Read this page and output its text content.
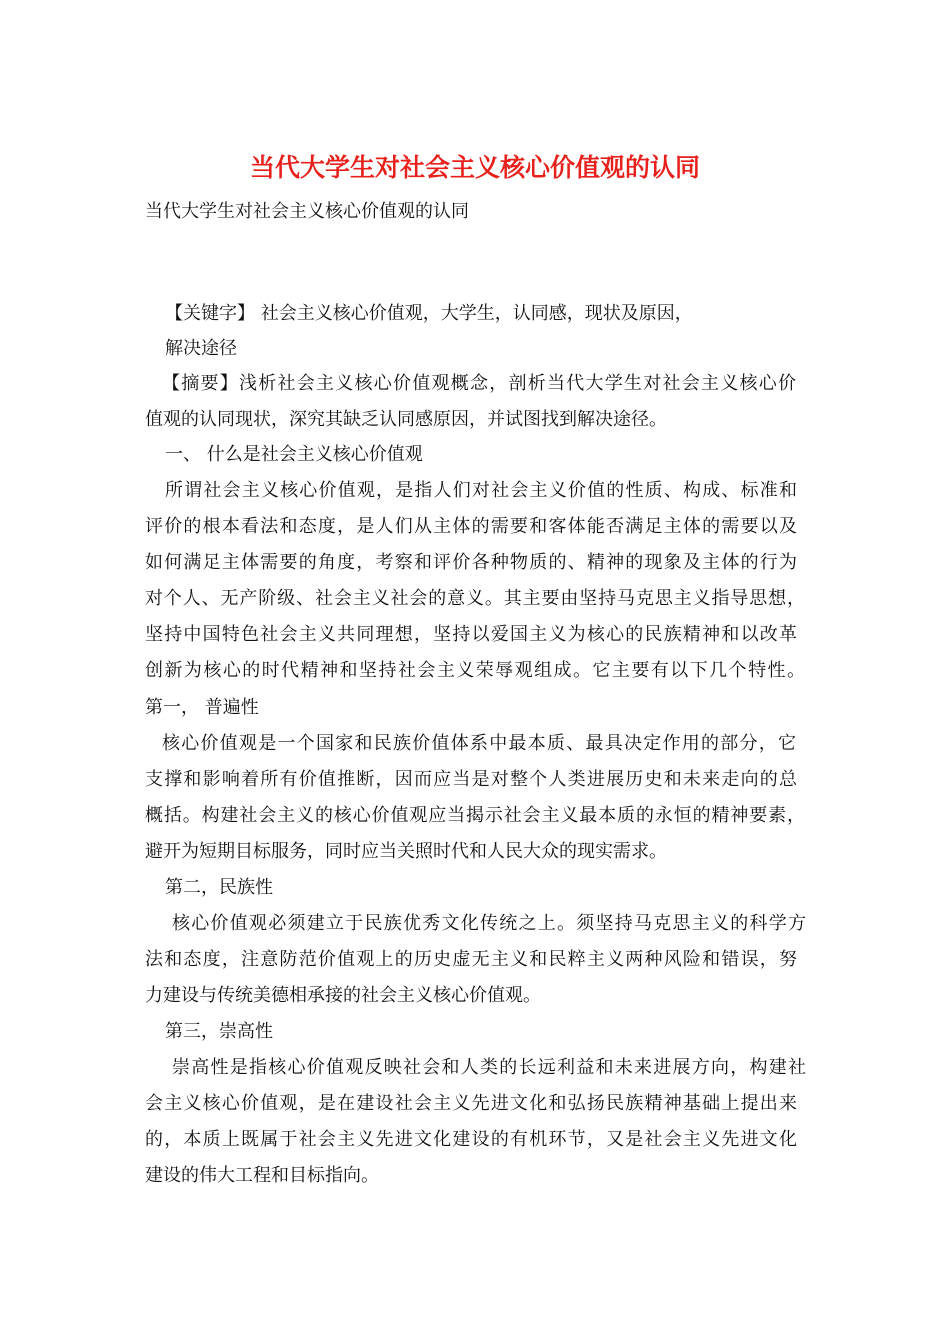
当代大学生对社会主义核心价值观的认同
当代大学生对社会主义核心价值观的认同
【关键字】 社会主义核心价值观，大学生，认同感，现状及原因，
解决途径
【摘要】浅析社会主义核心价值观概念，剖析当代大学生对社会主义核心价
值观的认同现状，深究其缺乏认同感原因，并试图找到解决途径。
一、 什么是社会主义核心价值观
所谓社会主义核心价值观，是指人们对社会主义价值的性质、构成、标准和
评价的根本看法和态度，是人们从主体的需要和客体能否满足主体的需要以及
如何满足主体需要的角度，考察和评价各种物质的、精神的现象及主体的行为
对个人、无产阶级、社会主义社会的意义。其主要由坚持马克思主义指导思想，
坚持中国特色社会主义共同理想，坚持以爱国主义为核心的民族精神和以改革
创新为核心的时代精神和坚持社会主义荣辱观组成。它主要有以下几个特性。
第一， 普遍性
核心价值观是一个国家和民族价值体系中最本质、最具决定作用的部分，它
支撑和影响着所有价值推断，因而应当是对整个人类进展历史和未来走向的总
概括。构建社会主义的核心价值观应当揭示社会主义最本质的永恒的精神要素，
避开为短期目标服务，同时应当关照时代和人民大众的现实需求。
第二，民族性
核心价值观必须建立于民族优秀文化传统之上。须坚持马克思主义的科学方
法和态度，注意防范价值观上的历史虚无主义和民粹主义两种风险和错误，努
力建设与传统美德相承接的社会主义核心价值观。
第三，崇高性
崇高性是指核心价值观反映社会和人类的长远利益和未来进展方向，构建社
会主义核心价值观，是在建设社会主义先进文化和弘扬民族精神基础上提出来
的，本质上既属于社会主义先进文化建设的有机环节，又是社会主义先进文化
建设的伟大工程和目标指向。
